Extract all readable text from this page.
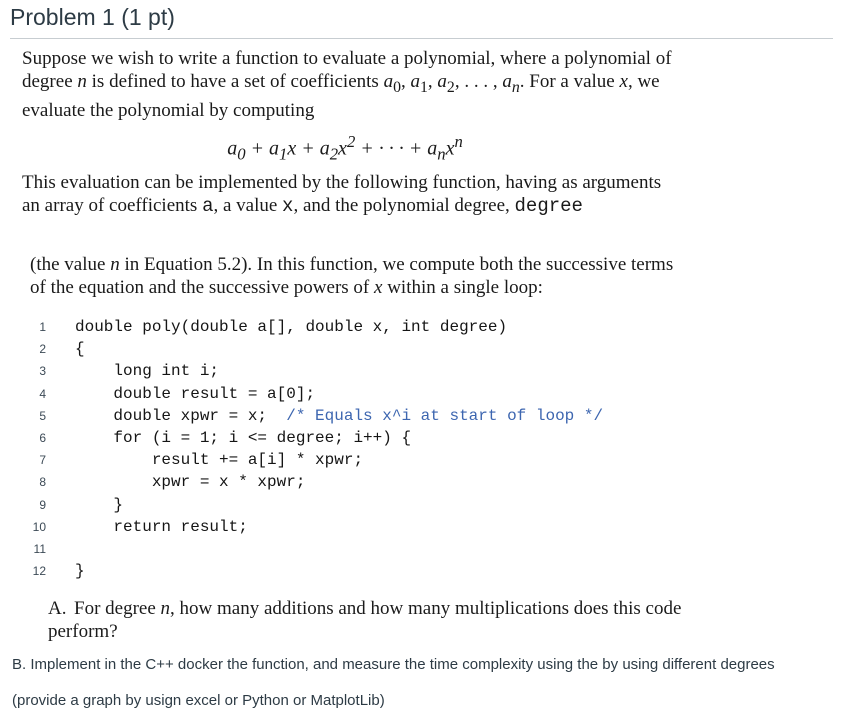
Problem 1 (1 pt)

Suppose we wish to write a function to evaluate a polynomial, where a polynomial of degree n is defined to have a set of coefficients $a_0$, $a_1$, $a_2$, . . . , $a_n$. For a value x, we evaluate the polynomial by computing

$a_0 + a_1x + a_2x^2$ + · · · + $a_nx^n$

This evaluation can be implemented by the following function, having as arguments an array of coefficients a, a value x, and the polynomial degree, degree

(the value n in Equation 5.2). In this function, we compute both the successive terms of the equation and the successive powers of x within a single loop:

1 double poly(double a[], double x, int degree)
2 {
3 long int i;
4 double result = a[0];
5 double xpwr = x;  /* Equals x^i at start of loop */
6 for (i = 1; i <= degree; i++) {
7 result += a[i] * xpwr;
8 xpwr = x * xpwr;
9 }
10 return result;
11
12 }
A. For degree n, how many additions and how many multiplications does this code perform?
B. Implement in the C++ docker the function, and measure the time complexity using the by using different degrees
(provide a graph by usign excel or Python or MatplotLib)
